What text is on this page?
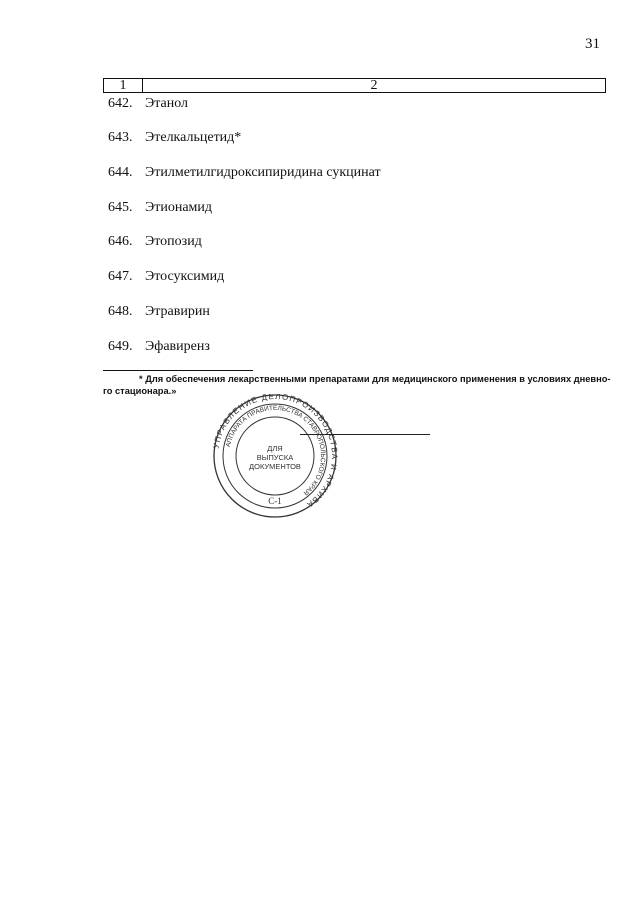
31
1	2
642. Этанол
643. Этелкальцетид*
644. Этилметилгидроксипиридина сукцинат
645. Этионамид
646. Этопозид
647. Этосуксимид
648. Этравирин
649. Эфавиренз
* Для обеспечения лекарственными препаратами для медицинского применения в условиях дневно-
го стационара.»
УПРАВЛЕНИЕ ДЕЛОПРОИЗВОДСТВА И АРХИВА
АППАРАТА ПРАВИТЕЛЬСТВА СТАВРОПОЛЬСКОГО КРАЯ
ДЛЯ
ВЫПУСКА
ДОКУМЕНТОВ
С-1
